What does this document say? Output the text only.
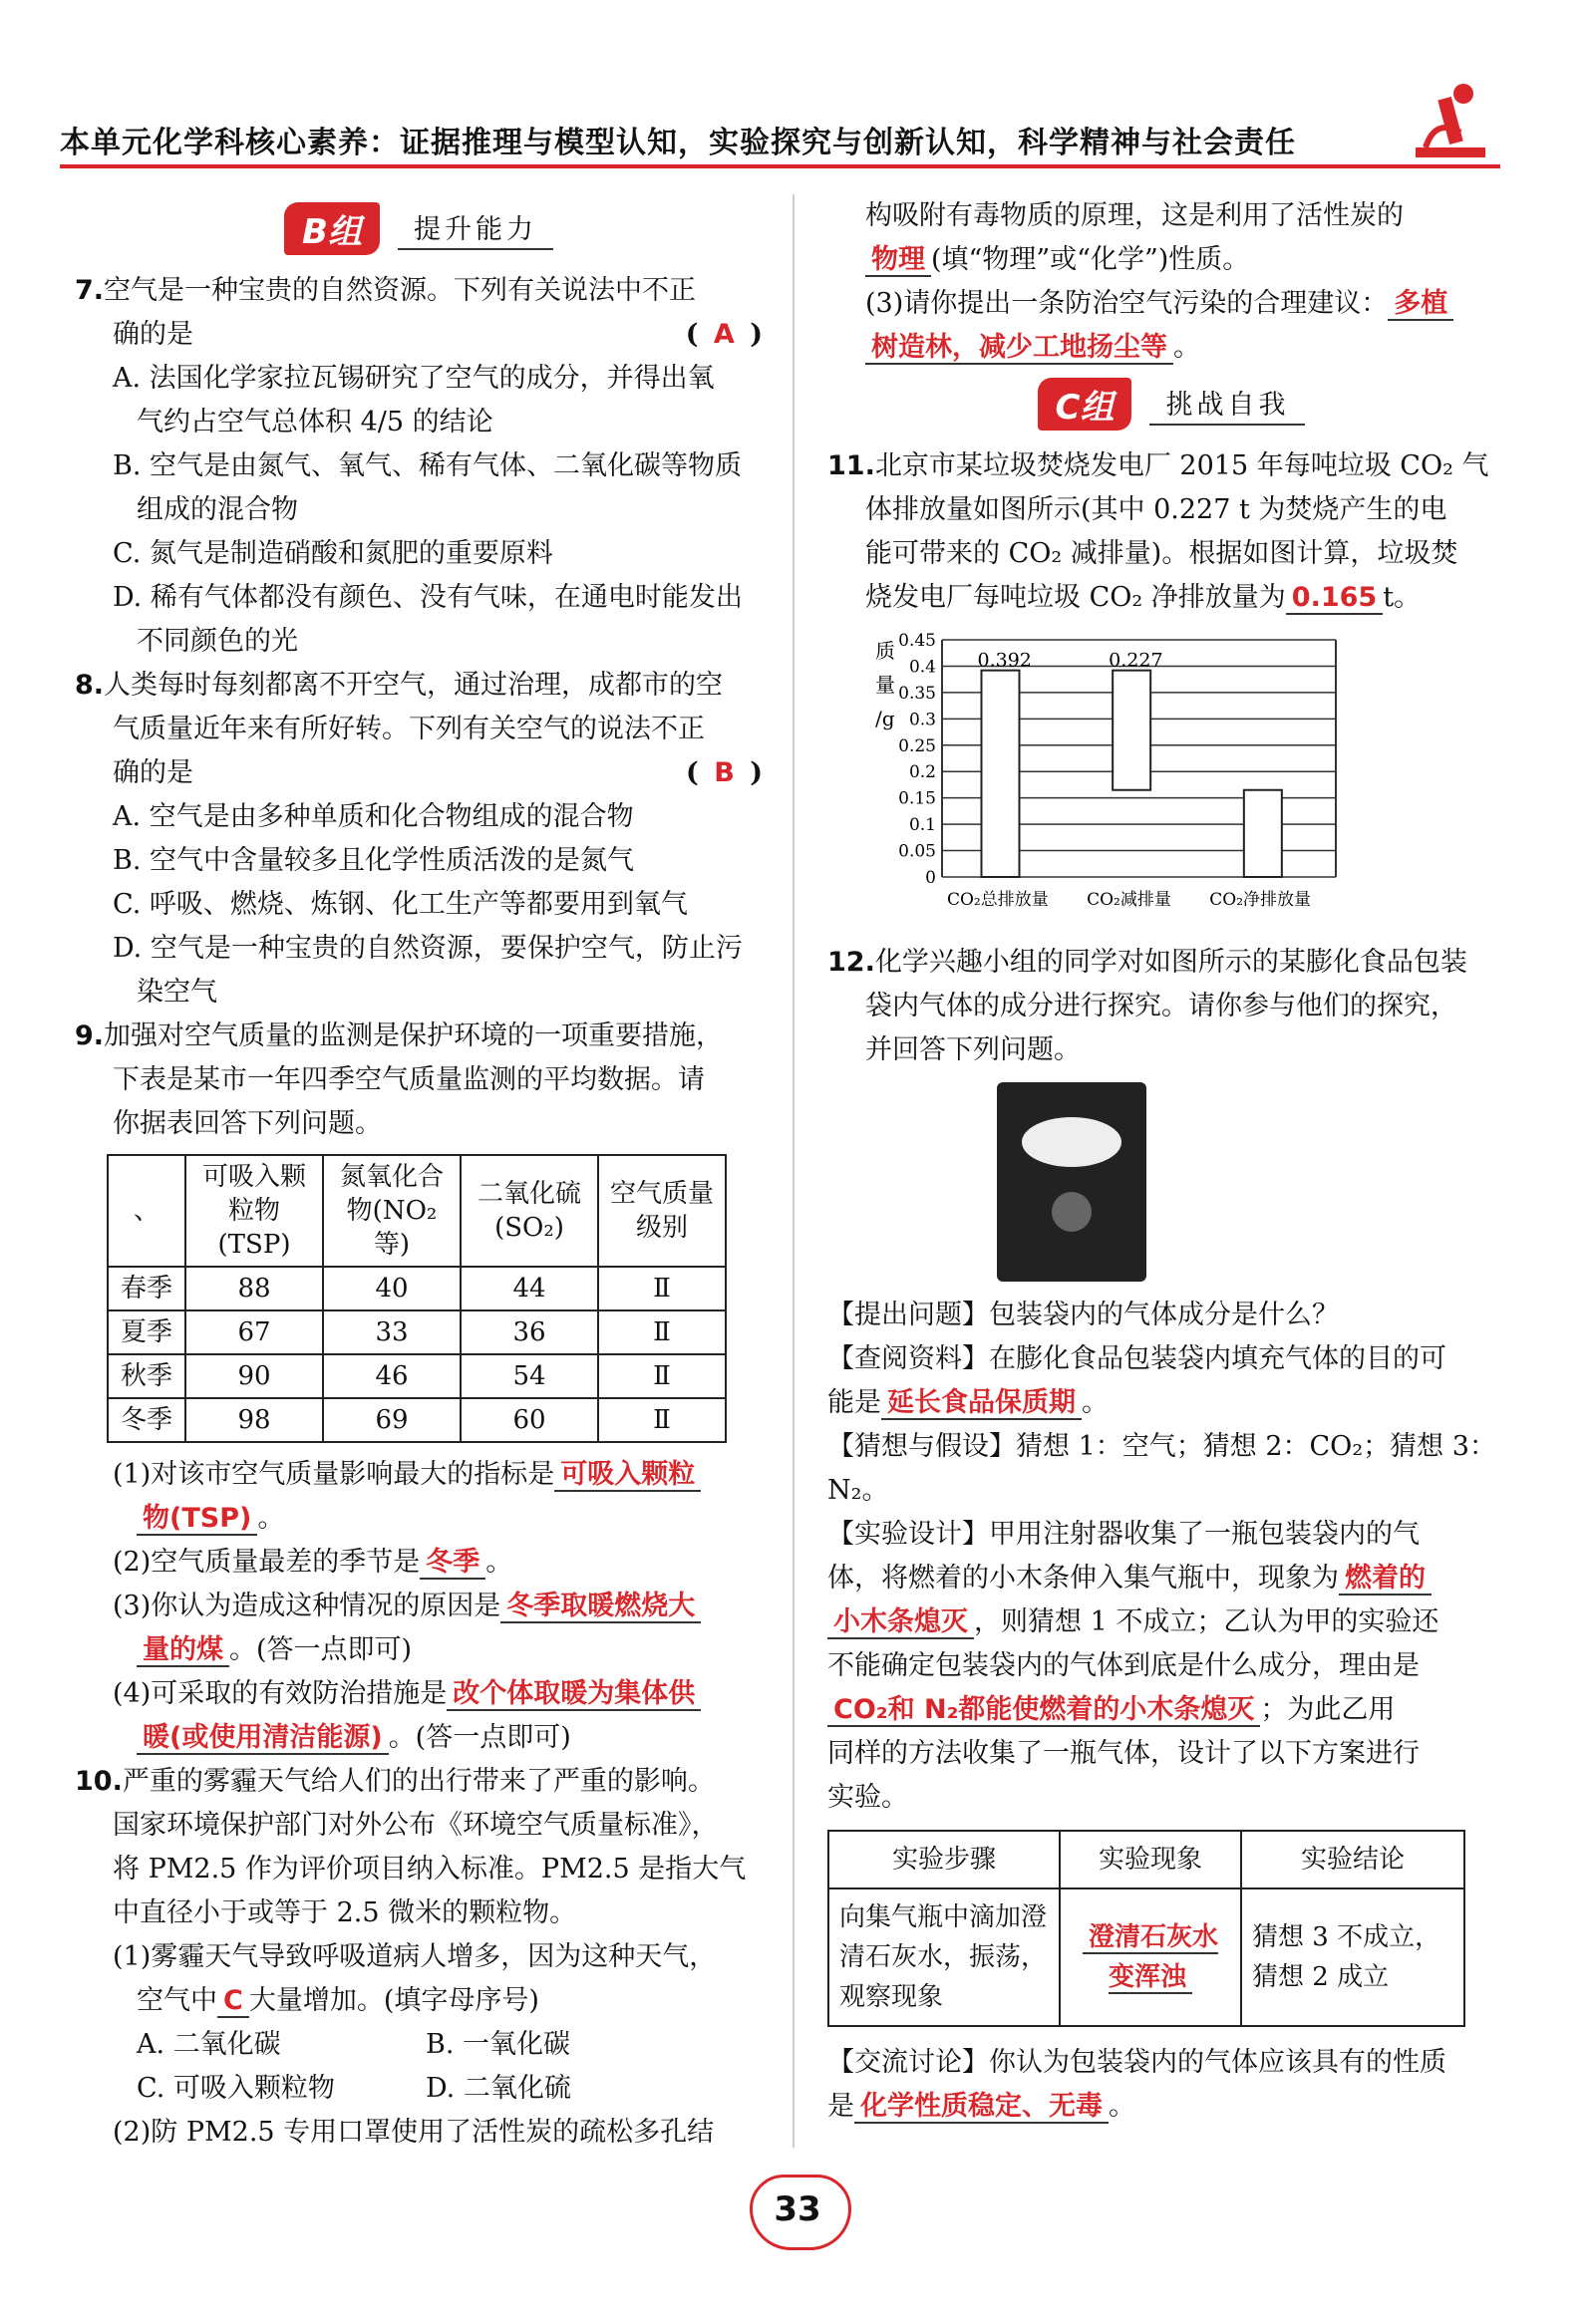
本单元化学科核心素养：证据推理与模型认知，实验探究与创新认知，科学精神与社会责任
B组	提升能力

7.空气是一种宝贵的自然资源。下列有关说法中不正

确的是	( A )

A. 法国化学家拉瓦锡研究了空气的成分，并得出氧

气约占空气总体积 4/5 的结论

B. 空气是由氮气、氧气、稀有气体、二氧化碳等物质

组成的混合物

C. 氮气是制造硝酸和氮肥的重要原料

D. 稀有气体都没有颜色、没有气味，在通电时能发出

不同颜色的光

8.人类每时每刻都离不开空气，通过治理，成都市的空

气质量近年来有所好转。下列有关空气的说法不正

确的是	( B )

A. 空气是由多种单质和化合物组成的混合物

B. 空气中含量较多且化学性质活泼的是氮气

C. 呼吸、燃烧、炼钢、化工生产等都要用到氧气

D. 空气是一种宝贵的自然资源，要保护空气，防止污

染空气

9.加强对空气质量的监测是保护环境的一项重要措施，

下表是某市一年四季空气质量监测的平均数据。请

你据表回答下列问题。

、	可吸入颗粒物(TSP)	氮氧化合物(NO₂等)	二氧化硫(SO₂)	空气质量级别
春季	88	40	44	Ⅱ
夏季	67	33	36	Ⅱ
秋季	90	46	54	Ⅱ
冬季	98	69	60	Ⅱ

(1)对该市空气质量影响最大的指标是 可吸入颗粒

物(TSP) 。

(2)空气质量最差的季节是 冬季 。

(3)你认为造成这种情况的原因是 冬季取暖燃烧大

量的煤 。(答一点即可)

(4)可采取的有效防治措施是 改个体取暖为集体供

暖(或使用清洁能源) 。(答一点即可)

10.严重的雾霾天气给人们的出行带来了严重的影响。

国家环境保护部门对外公布《环境空气质量标准》，

将 PM2.5 作为评价项目纳入标准。PM2.5 是指大气

中直径小于或等于 2.5 微米的颗粒物。

(1)雾霾天气导致呼吸道病人增多，因为这种天气，

空气中 C 大量增加。(填字母序号)

A. 二氧化碳	B. 一氧化碳

C. 可吸入颗粒物	D. 二氧化硫

(2)防 PM2.5 专用口罩使用了活性炭的疏松多孔结

构吸附有毒物质的原理，这是利用了活性炭的

物理 (填“物理”或“化学”)性质。

(3)请你提出一条防治空气污染的合理建议： 多植

树造林，减少工地扬尘等 。

C组	挑战自我

11.北京市某垃圾焚烧发电厂 2015 年每吨垃圾 CO₂ 气

体排放量如图所示(其中 0.227 t 为焚烧产生的电

能可带来的 CO₂ 减排量)。根据如图计算，垃圾焚

烧发电厂每吨垃圾 CO₂ 净排放量为 0.165 t。

质
量
/g
0
0.05
0.1
0.15
0.2
0.25
0.3
0.35
0.4
0.45
0.392
CO₂总排放量
0.227
CO₂减排量 CO₂净排放量

12.化学兴趣小组的同学对如图所示的某膨化食品包装

袋内气体的成分进行探究。请你参与他们的探究，

并回答下列问题。

【提出问题】包装袋内的气体成分是什么？

【查阅资料】在膨化食品包装袋内填充气体的目的可

能是 延长食品保质期 。

【猜想与假设】猜想 1：空气；猜想 2：CO₂；猜想 3：N₂。

【实验设计】甲用注射器收集了一瓶包装袋内的气

体，将燃着的小木条伸入集气瓶中，现象为 燃着的

小木条熄灭 ，则猜想 1 不成立；乙认为甲的实验还

不能确定包装袋内的气体到底是什么成分，理由是

CO₂和 N₂都能使燃着的小木条熄灭 ；为此乙用

同样的方法收集了一瓶气体，设计了以下方案进行

实验。

实验步骤	实验现象	实验结论
向集气瓶中滴加澄清石灰水，振荡，观察现象	澄清石灰水变浑浊	猜想 3 不成立，猜想 2 成立

【交流讨论】你认为包装袋内的气体应该具有的性质

是 化学性质稳定、无毒 。

33
